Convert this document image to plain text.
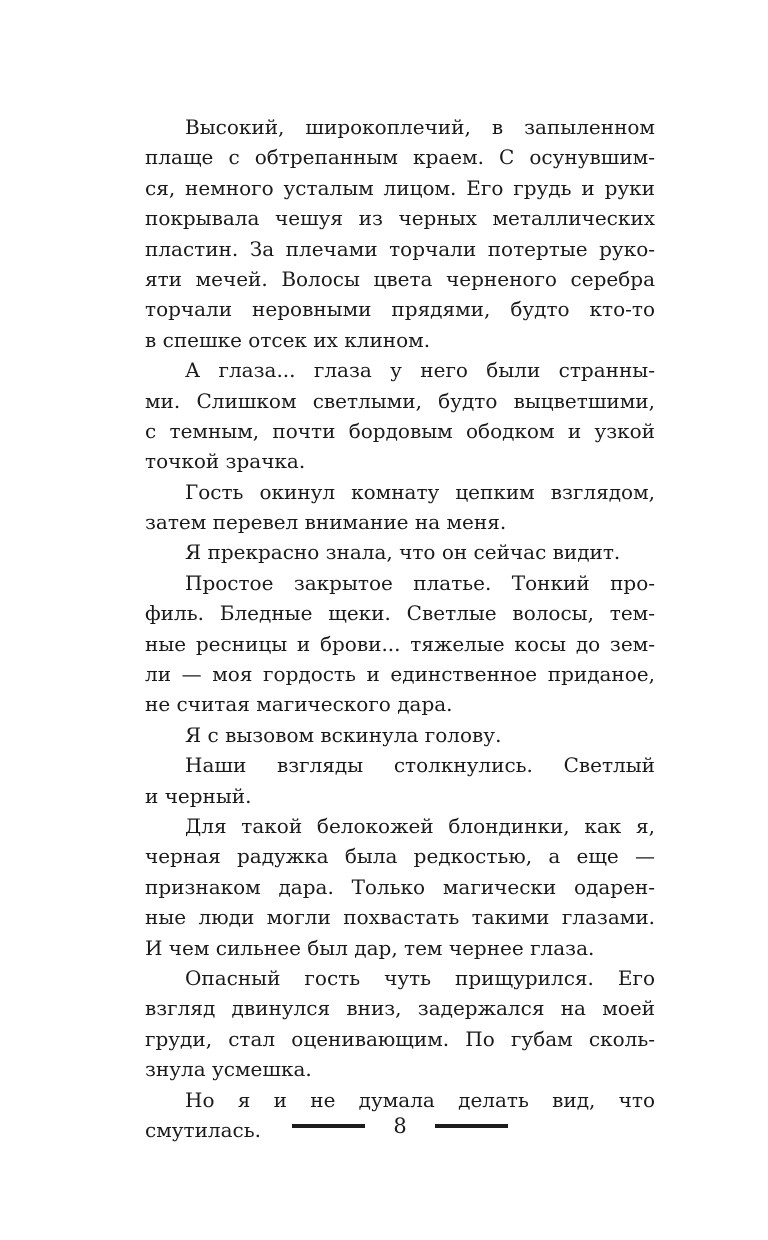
Высокий, широкоплечий, в запыленном
плаще с обтрепанным краем. С осунувшим-
ся, немного усталым лицом. Его грудь и руки
покрывала чешуя из черных металлических
пластин. За плечами торчали потертые руко-
яти мечей. Волосы цвета черненого серебра
торчали неровными прядями, будто кто-то
в спешке отсек их клином.
А глаза... глаза у него были странны-
ми. Слишком светлыми, будто выцветшими,
с темным, почти бордовым ободком и узкой
точкой зрачка.
Гость окинул комнату цепким взглядом,
затем перевел внимание на меня.
Я прекрасно знала, что он сейчас видит.
Простое закрытое платье. Тонкий про-
филь. Бледные щеки. Светлые волосы, тем-
ные ресницы и брови... тяжелые косы до зем-
ли — моя гордость и единственное приданое,
не считая магического дара.
Я с вызовом вскинула голову.
Наши взгляды столкнулись. Светлый
и черный.
Для такой белокожей блондинки, как я,
черная радужка была редкостью, а еще —
признаком дара. Только магически одарен-
ные люди могли похвастать такими глазами.
И чем сильнее был дар, тем чернее глаза.
Опасный гость чуть прищурился. Его
взгляд двинулся вниз, задержался на моей
груди, стал оценивающим. По губам сколь-
знула усмешка.
Но я и не думала делать вид, что смутилась.	8
